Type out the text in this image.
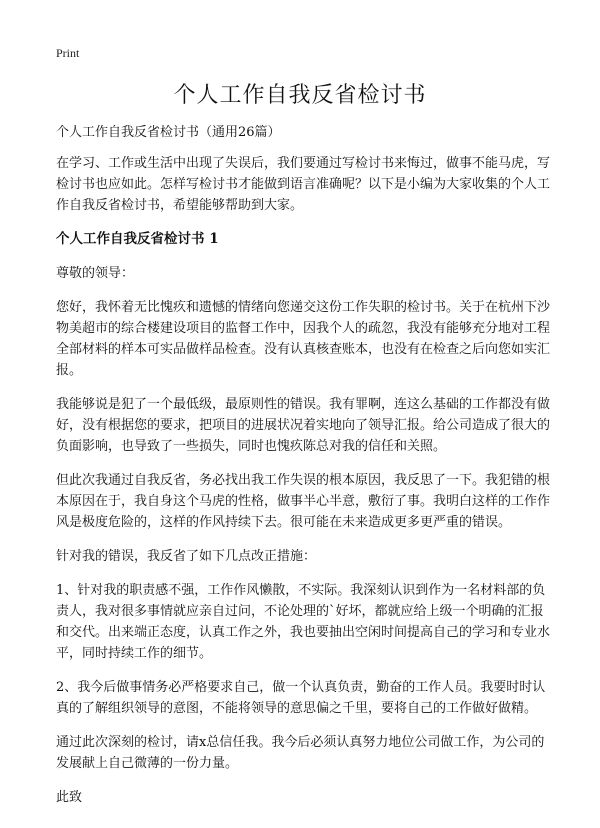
Print
个人工作自我反省检讨书

个人工作自我反省检讨书（通用26篇）

在学习、工作或生活中出现了失误后，我们要通过写检讨书来悔过，做事不能马虎，写检讨书也应如此。怎样写检讨书才能做到语言准确呢？以下是小编为大家收集的个人工作自我反省检讨书，希望能够帮助到大家。

个人工作自我反省检讨书 1

尊敬的领导：

您好，我怀着无比愧疚和遗憾的情绪向您递交这份工作失职的检讨书。关于在杭州下沙物美超市的综合楼建设项目的监督工作中，因我个人的疏忽，我没有能够充分地对工程全部材料的样本可实品做样品检查。没有认真核查账本，也没有在检查之后向您如实汇报。

我能够说是犯了一个最低级，最原则性的错误。我有罪啊，连这么基础的工作都没有做好，没有根据您的要求，把项目的进展状况着实地向了领导汇报。给公司造成了很大的负面影响，也导致了一些损失，同时也愧疚陈总对我的信任和关照。

但此次我通过自我反省，务必找出我工作失误的根本原因，我反思了一下。我犯错的根本原因在于，我自身这个马虎的性格，做事半心半意，敷衍了事。我明白这样的工作作风是极度危险的，这样的作风持续下去。很可能在未来造成更多更严重的错误。

针对我的错误，我反省了如下几点改正措施：

1、针对我的职责感不强，工作作风懒散，不实际。我深刻认识到作为一名材料部的负责人，我对很多事情就应亲自过问，不论处理的`好坏，都就应给上级一个明确的汇报和交代。出来端正态度，认真工作之外，我也要抽出空闲时间提高自己的学习和专业水平，同时持续工作的细节。

2、我今后做事情务必严格要求自己，做一个认真负责，勤奋的工作人员。我要时时认真的了解组织领导的意图，不能将领导的意思偏之千里，要将自己的工作做好做精。

通过此次深刻的检讨，请x总信任我。我今后必须认真努力地位公司做工作，为公司的发展献上自己微薄的一份力量。

此致
